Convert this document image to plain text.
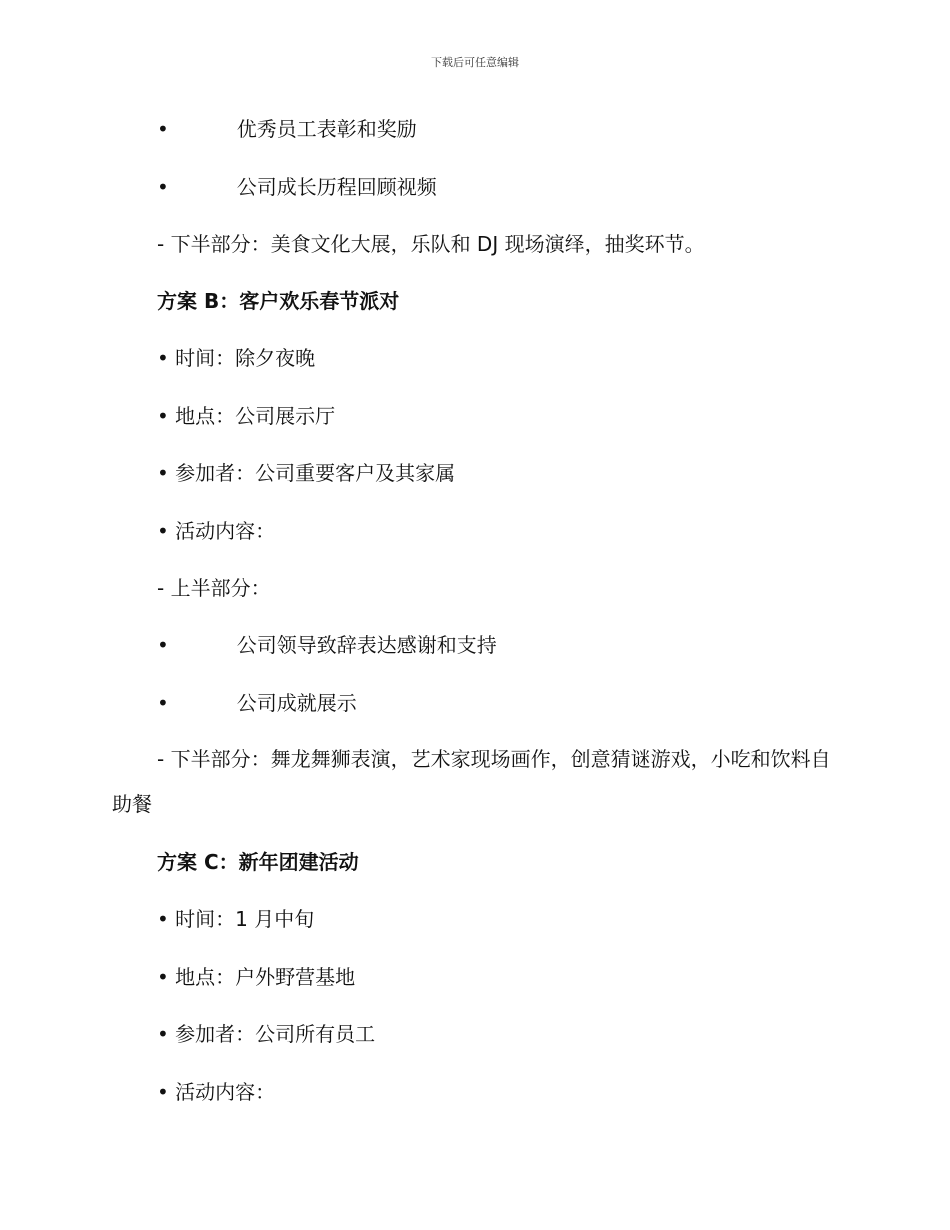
下载后可任意编辑
•	优秀员工表彰和奖励
•	公司成长历程回顾视频
- 下半部分：美食文化大展，乐队和 DJ 现场演绎，抽奖环节。
方案 B：客户欢乐春节派对
• 时间：除夕夜晚
• 地点：公司展示厅
• 参加者：公司重要客户及其家属
• 活动内容：
- 上半部分：
•	公司领导致辞表达感谢和支持
•	公司成就展示
- 下半部分：舞龙舞狮表演，艺术家现场画作，创意猜谜游戏，小吃和饮料自助餐
方案 C：新年团建活动
• 时间：1 月中旬
• 地点：户外野营基地
• 参加者：公司所有员工
• 活动内容：
